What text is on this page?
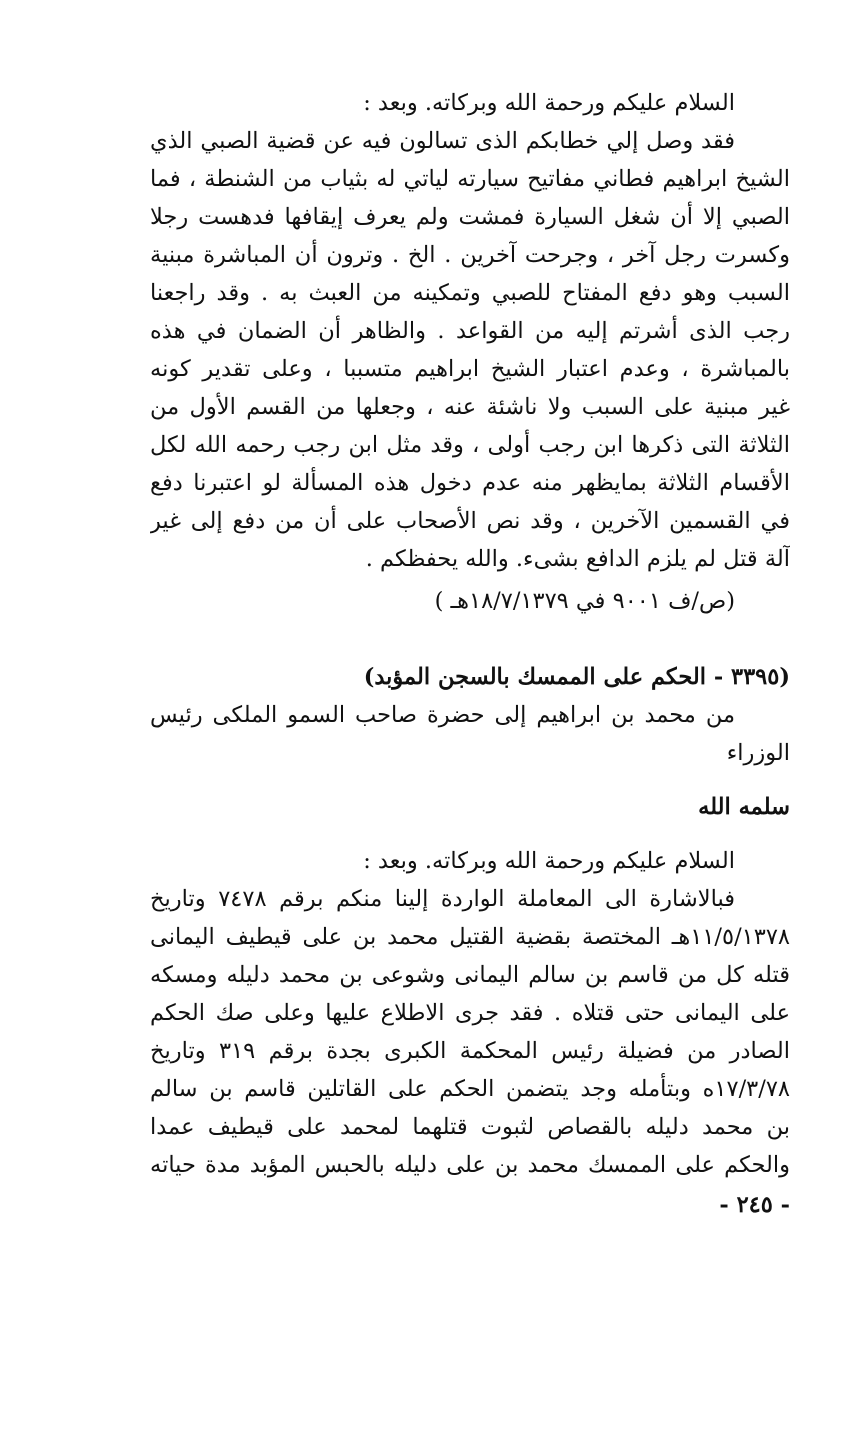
السلام عليكم ورحمة الله وبركاته. وبعد :
فقد وصل إلي خطابكم الذى تسالون فيه عن قضية الصبي الذي
الشيخ ابراهيم فطاني مفاتيح سيارته لياتي له بثياب من الشنطة ، فما
الصبي إلا أن شغل السيارة فمشت ولم يعرف إيقافها فدهست رجلا
وكسرت رجل آخر ، وجرحت آخرين . الخ . وترون أن المباشرة مبنية
السبب وهو دفع المفتاح للصبي وتمكينه من العبث به . وقد راجعنا
رجب الذى أشرتم إليه من القواعد . والظاهر أن الضمان في هذه
بالمباشرة ، وعدم اعتبار الشيخ ابراهيم متسببا ، وعلى تقدير كونه
غير مبنية على السبب ولا ناشئة عنه ، وجعلها من القسم الأول من
الثلاثة التى ذكرها ابن رجب أولى ، وقد مثل ابن رجب رحمه الله لكل
الأقسام الثلاثة بمايظهر منه عدم دخول هذه المسألة لو اعتبرنا دفع
في القسمين الآخرين ، وقد نص الأصحاب على أن من دفع إلى غير
آلة قتل لم يلزم الدافع بشىء. والله يحفظكم .
(ص/ف ٩٠٠١ في ١٨/٧/١٣٧٩هـ )
(٣٣٩٥ - الحكم على الممسك بالسجن المؤبد)
من محمد بن ابراهيم إلى حضرة صاحب السمو الملكى رئيس
الوزراء
سلمه الله
السلام عليكم ورحمة الله وبركاته. وبعد :
فبالاشارة الى المعاملة الواردة إلينا منكم برقم ٧٤٧٨ وتاريخ
١١/٥/١٣٧٨هـ المختصة بقضية القتيل محمد بن على قيطيف اليمانى
قتله كل من قاسم بن سالم اليمانى وشوعى بن محمد دليله ومسكه
على اليمانى حتى قتلاه . فقد جرى الاطلاع عليها وعلى صك الحكم
الصادر من فضيلة رئيس المحكمة الكبرى بجدة برقم ٣١٩ وتاريخ
١٧/٣/٧٨ه وبتأمله وجد يتضمن الحكم على القاتلين قاسم بن سالم
بن محمد دليله بالقصاص لثبوت قتلهما لمحمد على قيطيف عمدا
والحكم على الممسك محمد بن على دليله بالحبس المؤبد مدة حياته
- ٢٤٥ -
